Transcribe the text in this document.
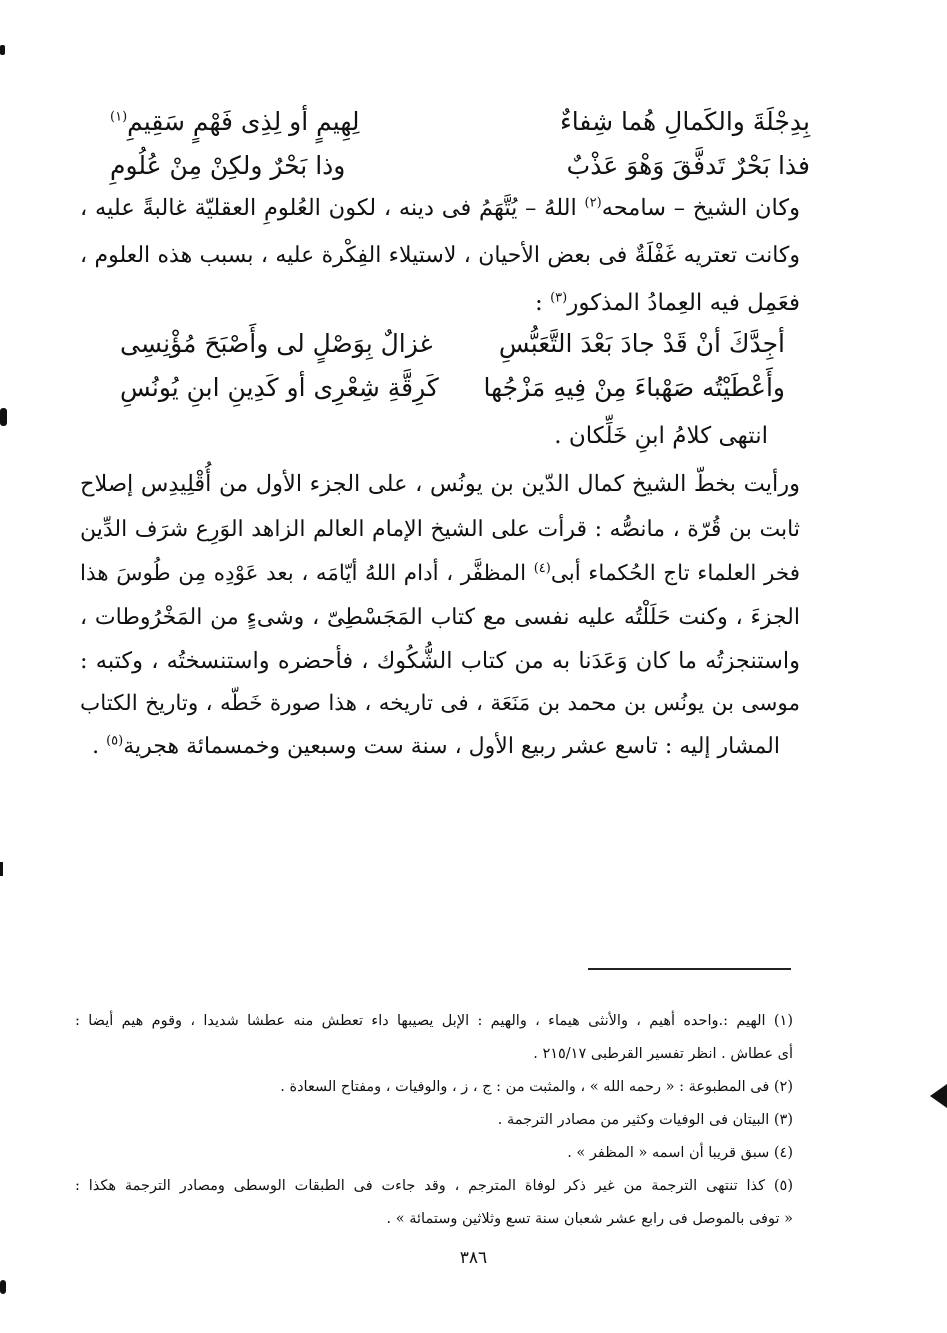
بِدِجْلَةَ والكَمالِ هُما شِفاءٌ
لِهِيمٍ أو لِذِى فَهْمٍ سَقِيمِ$^{(١)}$
فذا بَحْرٌ تَدفَّقَ وَهْوَ عَذْبٌ
وذا بَحْرٌ ولكِنْ مِنْ عُلُومِ
وكان الشيخ – سامحه$^{(٢)}$ اللهُ – يُتَّهَمُ فى دينه ، لكون العُلومِ العقليّة غالبةً عليه ،
وكانت تعتريه غَفْلَةٌ فى بعض الأحيان ، لاستيلاء الفِكْرة عليه ، بسبب هذه العلوم ،
فعَمِل فيه العِمادُ المذكور$^{(٣)}$ :
أجِدَّكَ أنْ قَدْ جادَ بَعْدَ التَّعَبُّسِ
غزالٌ بِوَصْلٍ لى وأَصْبَحَ مُؤْنِسِى
وأَعْطَيْتُه صَهْباءَ مِنْ فِيهِ مَزْجُها
كَرِقَّةِ شِعْرِى أو كَدِينِ ابنِ يُونُسِ
انتهى كلامُ ابنِ خَلِّكان .
ورأيت بخطّ الشيخ كمال الدّين بن يونُس ، على الجزء الأول من أُقْلِيدِس إصلاح
ثابت بن قُرّة ، مانصُّه : قرأت على الشيخ الإمام العالم الزاهد الوَرِع شرَف الدِّين
فخر العلماء تاج الحُكماء أبى$^{(٤)}$ المظفَّر ، أدام اللهُ أيّامَه ، بعد عَوْدِه مِن طُوسَ هذا
الجزءَ ، وكنت حَلَلْتُه عليه نفسى مع كتاب المَجَسْطِىّ ، وشىءٍ من المَخْرُوطات ،
واستنجزتُه ما كان وَعَدَنا به من كتاب الشُّكُوك ، فأحضره واستنسختُه ، وكتبه :
موسى بن يونُس بن محمد بن مَنَعَة ، فى تاريخه ، هذا صورة خَطّه ، وتاريخ الكتاب
المشار إليه : تاسع عشر ربيع الأول ، سنة ست وسبعين وخمسمائة هجرية$^{(٥)}$ .
(١) الهيم :.واحده أهيم ، والأنثى هيماء ، والهيم : الإبل يصيبها داء تعطش منه عطشا شديدا ، وقوم هيم أيضا :
أى عطاش . انظر تفسير القرطبى ٢١٥/١٧ .
(٢) فى المطبوعة : « رحمه الله » ، والمثبت من : ج ، ز ، والوفيات ، ومفتاح السعادة .
(٣) البيتان فى الوفيات وكثير من مصادر الترجمة .
(٤) سبق قريبا أن اسمه « المظفر » .
(٥) كذا تنتهى الترجمة من غير ذكر لوفاة المترجم ، وقد جاءت فى الطبقات الوسطى ومصادر الترجمة هكذا :
« توفى بالموصل فى رابع عشر شعبان سنة تسع وثلاثين وستمائة » .
٣٨٦
